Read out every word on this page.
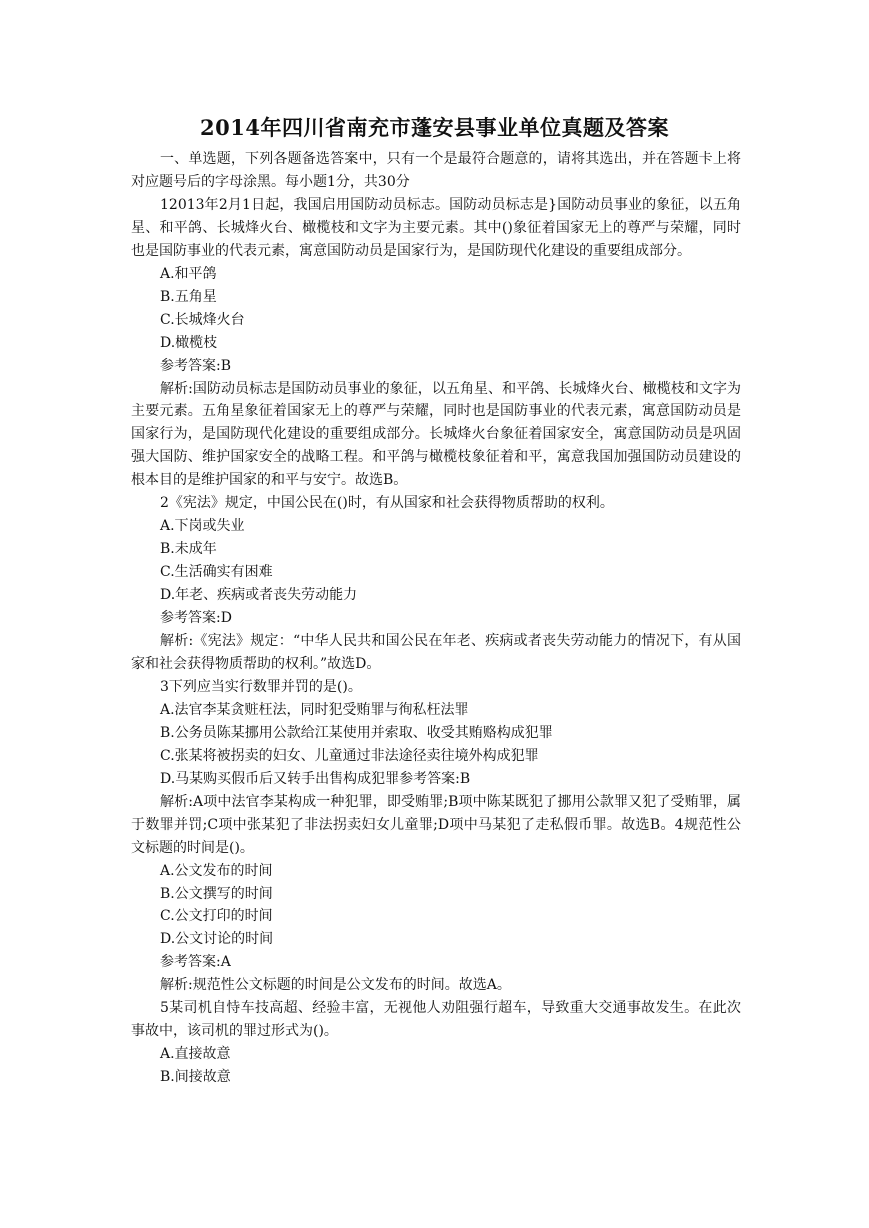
2014年四川省南充市蓬安县事业单位真题及答案

一、单选题，下列各题备选答案中，只有一个是最符合题意的，请将其选出，并在答题卡上将对应题号后的字母涂黑。每小题1分，共30分

12013年2月1日起，我国启用国防动员标志。国防动员标志是}国防动员事业的象征，以五角星、和平鸽、长城烽火台、橄榄枝和文字为主要元素。其中()象征着国家无上的尊严与荣耀，同时也是国防事业的代表元素，寓意国防动员是国家行为，是国防现代化建设的重要组成部分。

A.和平鸽

B.五角星

C.长城烽火台

D.橄榄枝

参考答案:B

解析:国防动员标志是国防动员事业的象征，以五角星、和平鸽、长城烽火台、橄榄枝和文字为主要元素。五角星象征着国家无上的尊严与荣耀，同时也是国防事业的代表元素，寓意国防动员是国家行为，是国防现代化建设的重要组成部分。长城烽火台象征着国家安全，寓意国防动员是巩固强大国防、维护国家安全的战略工程。和平鸽与橄榄枝象征着和平，寓意我国加强国防动员建设的根本目的是维护国家的和平与安宁。故选B。

2《宪法》规定，中国公民在()时，有从国家和社会获得物质帮助的权利。

A.下岗或失业

B.未成年

C.生活确实有困难

D.年老、疾病或者丧失劳动能力

参考答案:D

解析:《宪法》规定：“中华人民共和国公民在年老、疾病或者丧失劳动能力的情况下，有从国家和社会获得物质帮助的权利。”故选D。

3下列应当实行数罪并罚的是()。

A.法官李某贪赃枉法，同时犯受贿罪与徇私枉法罪

B.公务员陈某挪用公款给江某使用并索取、收受其贿赂构成犯罪

C.张某将被拐卖的妇女、儿童通过非法途径卖往境外构成犯罪

D.马某购买假币后又转手出售构成犯罪参考答案:B

解析:A项中法官李某构成一种犯罪，即受贿罪;B项中陈某既犯了挪用公款罪又犯了受贿罪，属于数罪并罚;C项中张某犯了非法拐卖妇女儿童罪;D项中马某犯了走私假币罪。故选B。4规范性公文标题的时间是()。

A.公文发布的时间

B.公文撰写的时间

C.公文打印的时间

D.公文讨论的时间

参考答案:A

解析:规范性公文标题的时间是公文发布的时间。故选A。

5某司机自恃车技高超、经验丰富，无视他人劝阻强行超车，导致重大交通事故发生。在此次事故中，该司机的罪过形式为()。

A.直接故意

B.间接故意
